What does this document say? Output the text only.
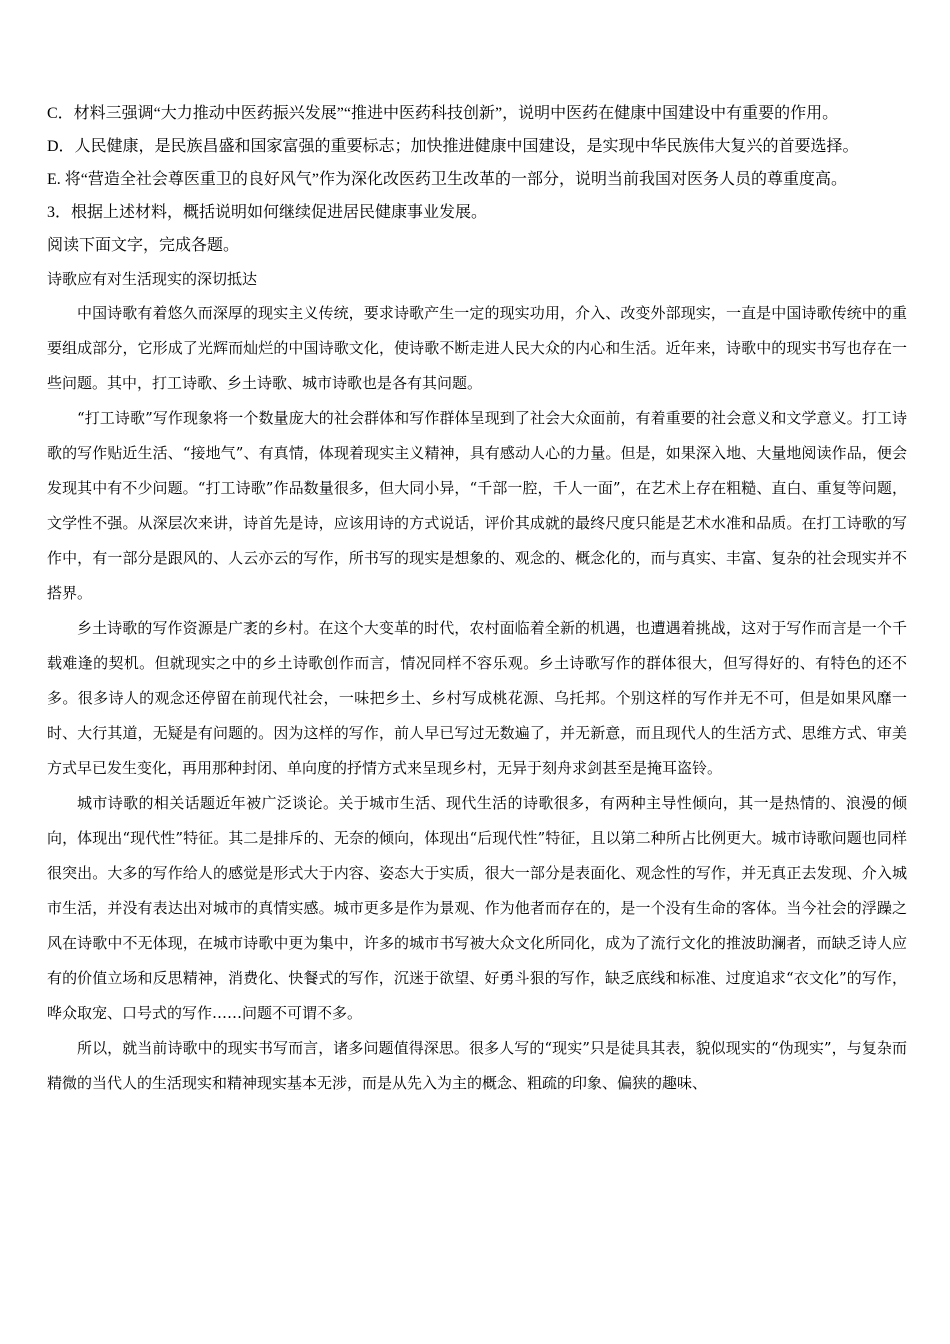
C．材料三强调“大力推动中医药振兴发展”“推进中医药科技创新”，说明中医药在健康中国建设中有重要的作用。
D．人民健康，是民族昌盛和国家富强的重要标志；加快推进健康中国建设，是实现中华民族伟大复兴的首要选择。
E. 将“营造全社会尊医重卫的良好风气”作为深化改医药卫生改革的一部分，说明当前我国对医务人员的尊重度高。
3．根据上述材料，概括说明如何继续促进居民健康事业发展。
阅读下面文字，完成各题。
诗歌应有对生活现实的深切抵达

中国诗歌有着悠久而深厚的现实主义传统，要求诗歌产生一定的现实功用，介入、改变外部现实，一直是中国诗歌传统中的重要组成部分，它形成了光辉而灿烂的中国诗歌文化，使诗歌不断走进人民大众的内心和生活。近年来，诗歌中的现实书写也存在一些问题。其中，打工诗歌、乡土诗歌、城市诗歌也是各有其问题。

“打工诗歌”写作现象将一个数量庞大的社会群体和写作群体呈现到了社会大众面前，有着重要的社会意义和文学意义。打工诗歌的写作贴近生活、“接地气”、有真情，体现着现实主义精神，具有感动人心的力量。但是，如果深入地、大量地阅读作品，便会发现其中有不少问题。“打工诗歌”作品数量很多，但大同小异，“千部一腔，千人一面”，在艺术上存在粗糙、直白、重复等问题，文学性不强。从深层次来讲，诗首先是诗，应该用诗的方式说话，评价其成就的最终尺度只能是艺术水准和品质。在打工诗歌的写作中，有一部分是跟风的、人云亦云的写作，所书写的现实是想象的、观念的、概念化的，而与真实、丰富、复杂的社会现实并不搭界。

乡土诗歌的写作资源是广袤的乡村。在这个大变革的时代，农村面临着全新的机遇，也遭遇着挑战，这对于写作而言是一个千载难逢的契机。但就现实之中的乡土诗歌创作而言，情况同样不容乐观。乡土诗歌写作的群体很大，但写得好的、有特色的还不多。很多诗人的观念还停留在前现代社会，一味把乡土、乡村写成桃花源、乌托邦。个别这样的写作并无不可，但是如果风靡一时、大行其道，无疑是有问题的。因为这样的写作，前人早已写过无数遍了，并无新意，而且现代人的生活方式、思维方式、审美方式早已发生变化，再用那种封闭、单向度的抒情方式来呈现乡村，无异于刻舟求剑甚至是掩耳盗铃。

城市诗歌的相关话题近年被广泛谈论。关于城市生活、现代生活的诗歌很多，有两种主导性倾向，其一是热情的、浪漫的倾向，体现出“现代性”特征。其二是排斥的、无奈的倾向，体现出“后现代性”特征，且以第二种所占比例更大。城市诗歌问题也同样很突出。大多的写作给人的感觉是形式大于内容、姿态大于实质，很大一部分是表面化、观念性的写作，并无真正去发现、介入城市生活，并没有表达出对城市的真情实感。城市更多是作为景观、作为他者而存在的，是一个没有生命的客体。当今社会的浮躁之风在诗歌中不无体现，在城市诗歌中更为集中，许多的城市书写被大众文化所同化，成为了流行文化的推波助澜者，而缺乏诗人应有的价值立场和反思精神，消费化、快餐式的写作，沉迷于欲望、好勇斗狠的写作，缺乏底线和标准、过度追求“衣文化”的写作，哗众取宠、口号式的写作……问题不可谓不多。

所以，就当前诗歌中的现实书写而言，诸多问题值得深思。很多人写的“现实”只是徒具其表，貌似现实的“伪现实”，与复杂而精微的当代人的生活现实和精神现实基本无涉，而是从先入为主的概念、粗疏的印象、偏狭的趣味、
